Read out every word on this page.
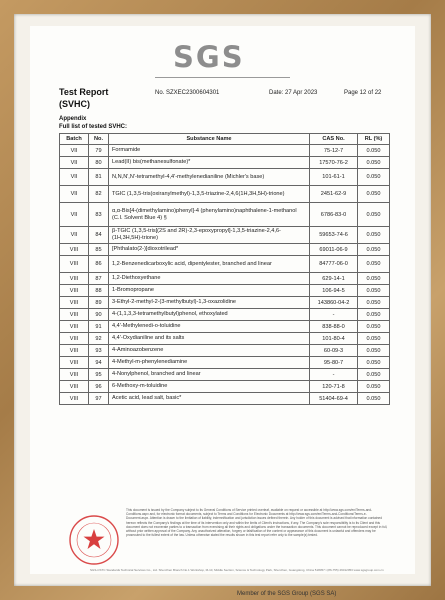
SGS
Test Report
(SVHC)
No. SZXEC2300604301	Date: 27 Apr 2023	Page 12 of 22
Appendix
Full list of tested SVHC:
Batch	No.	Substance Name	CAS No.	RL (%)
VII	79	Formamide	75-12-7	0.050
VII	80	Lead(II) bis(methanesulfonate)*	17570-76-2	0.050
VII	81	N,N,N',N'-tetramethyl-4,4'-methylenedianiline (Michler's base)	101-61-1	0.050
VII	82	TGIC (1,3,5-tris(oxiranylmethyl)-1,3,5-triazine-2,4,6(1H,3H,5H)-trione)	2451-62-9	0.050
VII	83	α,α-Bis[4-(dimethylamino)phenyl]-4 (phenylamino)naphthalene-1-methanol (C.I. Solvent Blue 4) §	6786-83-0	0.050
VII	84	β-TGIC (1,3,5-tris[(2S and 2R)-2,3-epoxypropyl]-1,3,5-triazine-2,4,6-(1H,3H,5H)-trione)	59653-74-6	0.050
VIII	85	[Phthalato(2-)]dioxotrilead*	69011-06-9	0.050
VIII	86	1,2-Benzenedicarboxylic acid, dipentylester, branched and linear	84777-06-0	0.050
VIII	87	1,2-Diethoxyethane	629-14-1	0.050
VIII	88	1-Bromopropane	106-94-5	0.050
VIII	89	3-Ethyl-2-methyl-2-(3-methylbutyl)-1,3-oxazolidine	143860-04-2	0.050
VIII	90	4-(1,1,3,3-tetramethylbutyl)phenol, ethoxylated	-	0.050
VIII	91	4,4'-Methylenedi-o-toluidine	838-88-0	0.050
VIII	92	4,4'-Oxydianiline and its salts	101-80-4	0.050
VIII	93	4-Aminoazobenzene	60-09-3	0.050
VIII	94	4-Methyl-m-phenylenediamine	95-80-7	0.050
VIII	95	4-Nonylphenol, branched and linear	-	0.050
VIII	96	6-Methoxy-m-toluidine	120-71-8	0.050
VIII	97	Acetic acid, lead salt, basic*	51404-69-4	0.050
This document is issued by the Company subject to its General Conditions of Service printed overleaf, available on request or accessible at http://www.sgs.com/en/Terms-and-Conditions.aspx and, for electronic format documents, subject to Terms and Conditions for Electronic Documents at http://www.sgs.com/en/Terms-and-Conditions/Terms-e-Document.aspx. Attention is drawn to the limitation of liability, indemnification and jurisdiction issues defined therein. Any holder of this document is advised that information contained hereon reflects the Company's findings at the time of its intervention only and within the limits of Client's instructions, if any. The Company's sole responsibility is to its Client and this document does not exonerate parties to a transaction from exercising all their rights and obligations under the transaction documents. This document cannot be reproduced except in full, without prior written approval of the Company. Any unauthorized alteration, forgery or falsification of the content or appearance of this document is unlawful and offenders may be prosecuted to the fullest extent of the law. Unless otherwise stated the results shown in this test report refer only to the sample(s) tested.
SGS-CSTC Standards Technical Services Co., Ltd. Shenzhen Branch No.1 Workshop, M-10, Middle Section, Science & Technology Park, Shenzhen, Guangdong, China 518057 t (86-755) 26012053 www.sgsgroup.com.cn
Member of the SGS Group (SGS SA)
